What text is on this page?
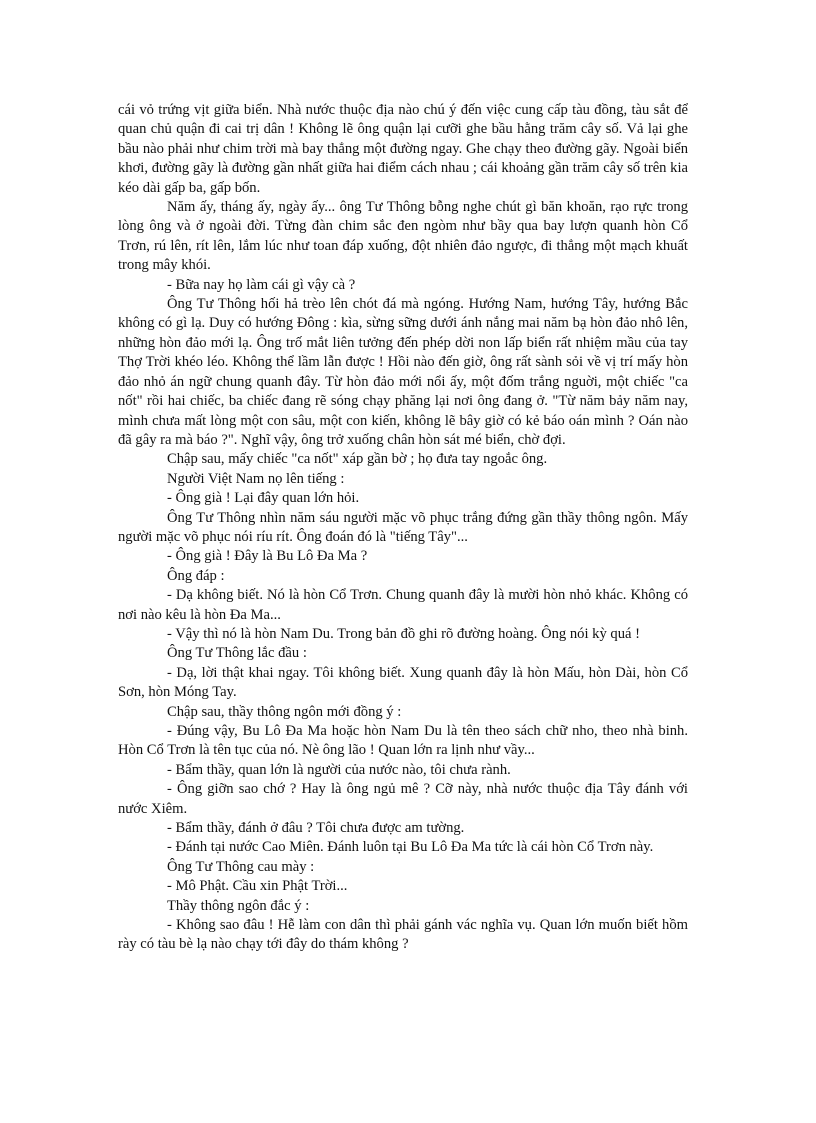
cái vỏ trứng vịt giữa biển. Nhà nước thuộc địa nào chú ý đến việc cung cấp tàu đồng, tàu sắt để quan chủ quận đi cai trị dân ! Không lẽ ông quận lại cưỡi ghe bầu hằng trăm cây số. Vả lại ghe bầu nào phải như chim trời mà bay thẳng một đường ngay. Ghe chạy theo đường gãy. Ngoài biển khơi, đường gãy là đường gần nhất giữa hai điểm cách nhau ; cái khoảng gần trăm cây số trên kia kéo dài gấp ba, gấp bốn.

Năm ấy, tháng ấy, ngày ấy... ông Tư Thông bỗng nghe chút gì băn khoăn, rạo rực trong lòng ông và ở ngoài đời. Từng đàn chim sắc đen ngòm như bầy qua bay lượn quanh hòn Cổ Trơn, rú lên, rít lên, lắm lúc như toan đáp xuống, đột nhiên đảo ngược, đi thẳng một mạch khuất trong mây khói.

- Bữa nay họ làm cái gì vậy cà ?

Ông Tư Thông hối hả trèo lên chót đá mà ngóng. Hướng Nam, hướng Tây, hướng Bắc không có gì lạ. Duy có hướng Đông : kìa, sừng sững dưới ánh nắng mai năm bạ hòn đảo nhô lên, những hòn đảo mới lạ. Ông trố mắt liên tưởng đến phép dời non lấp biển rất nhiệm mầu của tay Thợ Trời khéo léo. Không thể lầm lẫn được ! Hồi nào đến giờ, ông rất sành sỏi về vị trí mấy hòn đảo nhỏ án ngữ chung quanh đây. Từ hòn đảo mới nổi ấy, một đốm trắng nguời, một chiếc "ca nốt" rồi hai chiếc, ba chiếc đang rẽ sóng chạy phăng lại nơi ông đang ở. "Từ năm bảy năm nay, mình chưa mất lòng một con sâu, một con kiến, không lẽ bây giờ có kẻ báo oán mình ? Oán nào đã gây ra mà báo ?". Nghĩ vậy, ông trở xuống chân hòn sát mé biển, chờ đợi.

Chập sau, mấy chiếc "ca nốt" xáp gần bờ ; họ đưa tay ngoắc ông.

Người Việt Nam nọ lên tiếng :

- Ông già ! Lại đây quan lớn hỏi.

Ông Tư Thông nhìn năm sáu người mặc võ phục trắng đứng gần thầy thông ngôn. Mấy người mặc võ phục nói ríu rít. Ông đoán đó là "tiếng Tây"...

- Ông già ! Đây là Bu Lô Đa Ma ?

Ông đáp :

- Dạ không biết. Nó là hòn Cổ Trơn. Chung quanh đây là mười hòn nhỏ khác. Không có nơi nào kêu là hòn Đa Ma...

- Vậy thì nó là hòn Nam Du. Trong bản đồ ghi rõ đường hoàng. Ông nói kỳ quá !

Ông Tư Thông lắc đầu :

- Dạ, lời thật khai ngay. Tôi không biết. Xung quanh đây là hòn Mấu, hòn Dài, hòn Cổ Sơn, hòn Móng Tay.

Chập sau, thầy thông ngôn mới đồng ý :

- Đúng vậy, Bu Lô Đa Ma hoặc hòn Nam Du là tên theo sách chữ nho, theo nhà binh. Hòn Cổ Trơn là tên tục của nó. Nè ông lão ! Quan lớn ra lịnh như vầy...

- Bẩm thầy, quan lớn là người của nước nào, tôi chưa rành.

- Ông giỡn sao chớ ? Hay là ông ngủ mê ? Cỡ này, nhà nước thuộc địa Tây đánh với nước Xiêm.

- Bẩm thầy, đánh ở đâu ? Tôi chưa được am tường.

- Đánh tại nước Cao Miên. Đánh luôn tại Bu Lô Đa Ma tức là cái hòn Cổ Trơn này.

Ông Tư Thông cau mày :

- Mô Phật. Cầu xin Phật Trời...

Thầy thông ngôn đắc ý :

- Không sao đâu ! Hễ làm con dân thì phải gánh vác nghĩa vụ. Quan lớn muốn biết hồm rày có tàu bè lạ nào chạy tới đây do thám không ?
